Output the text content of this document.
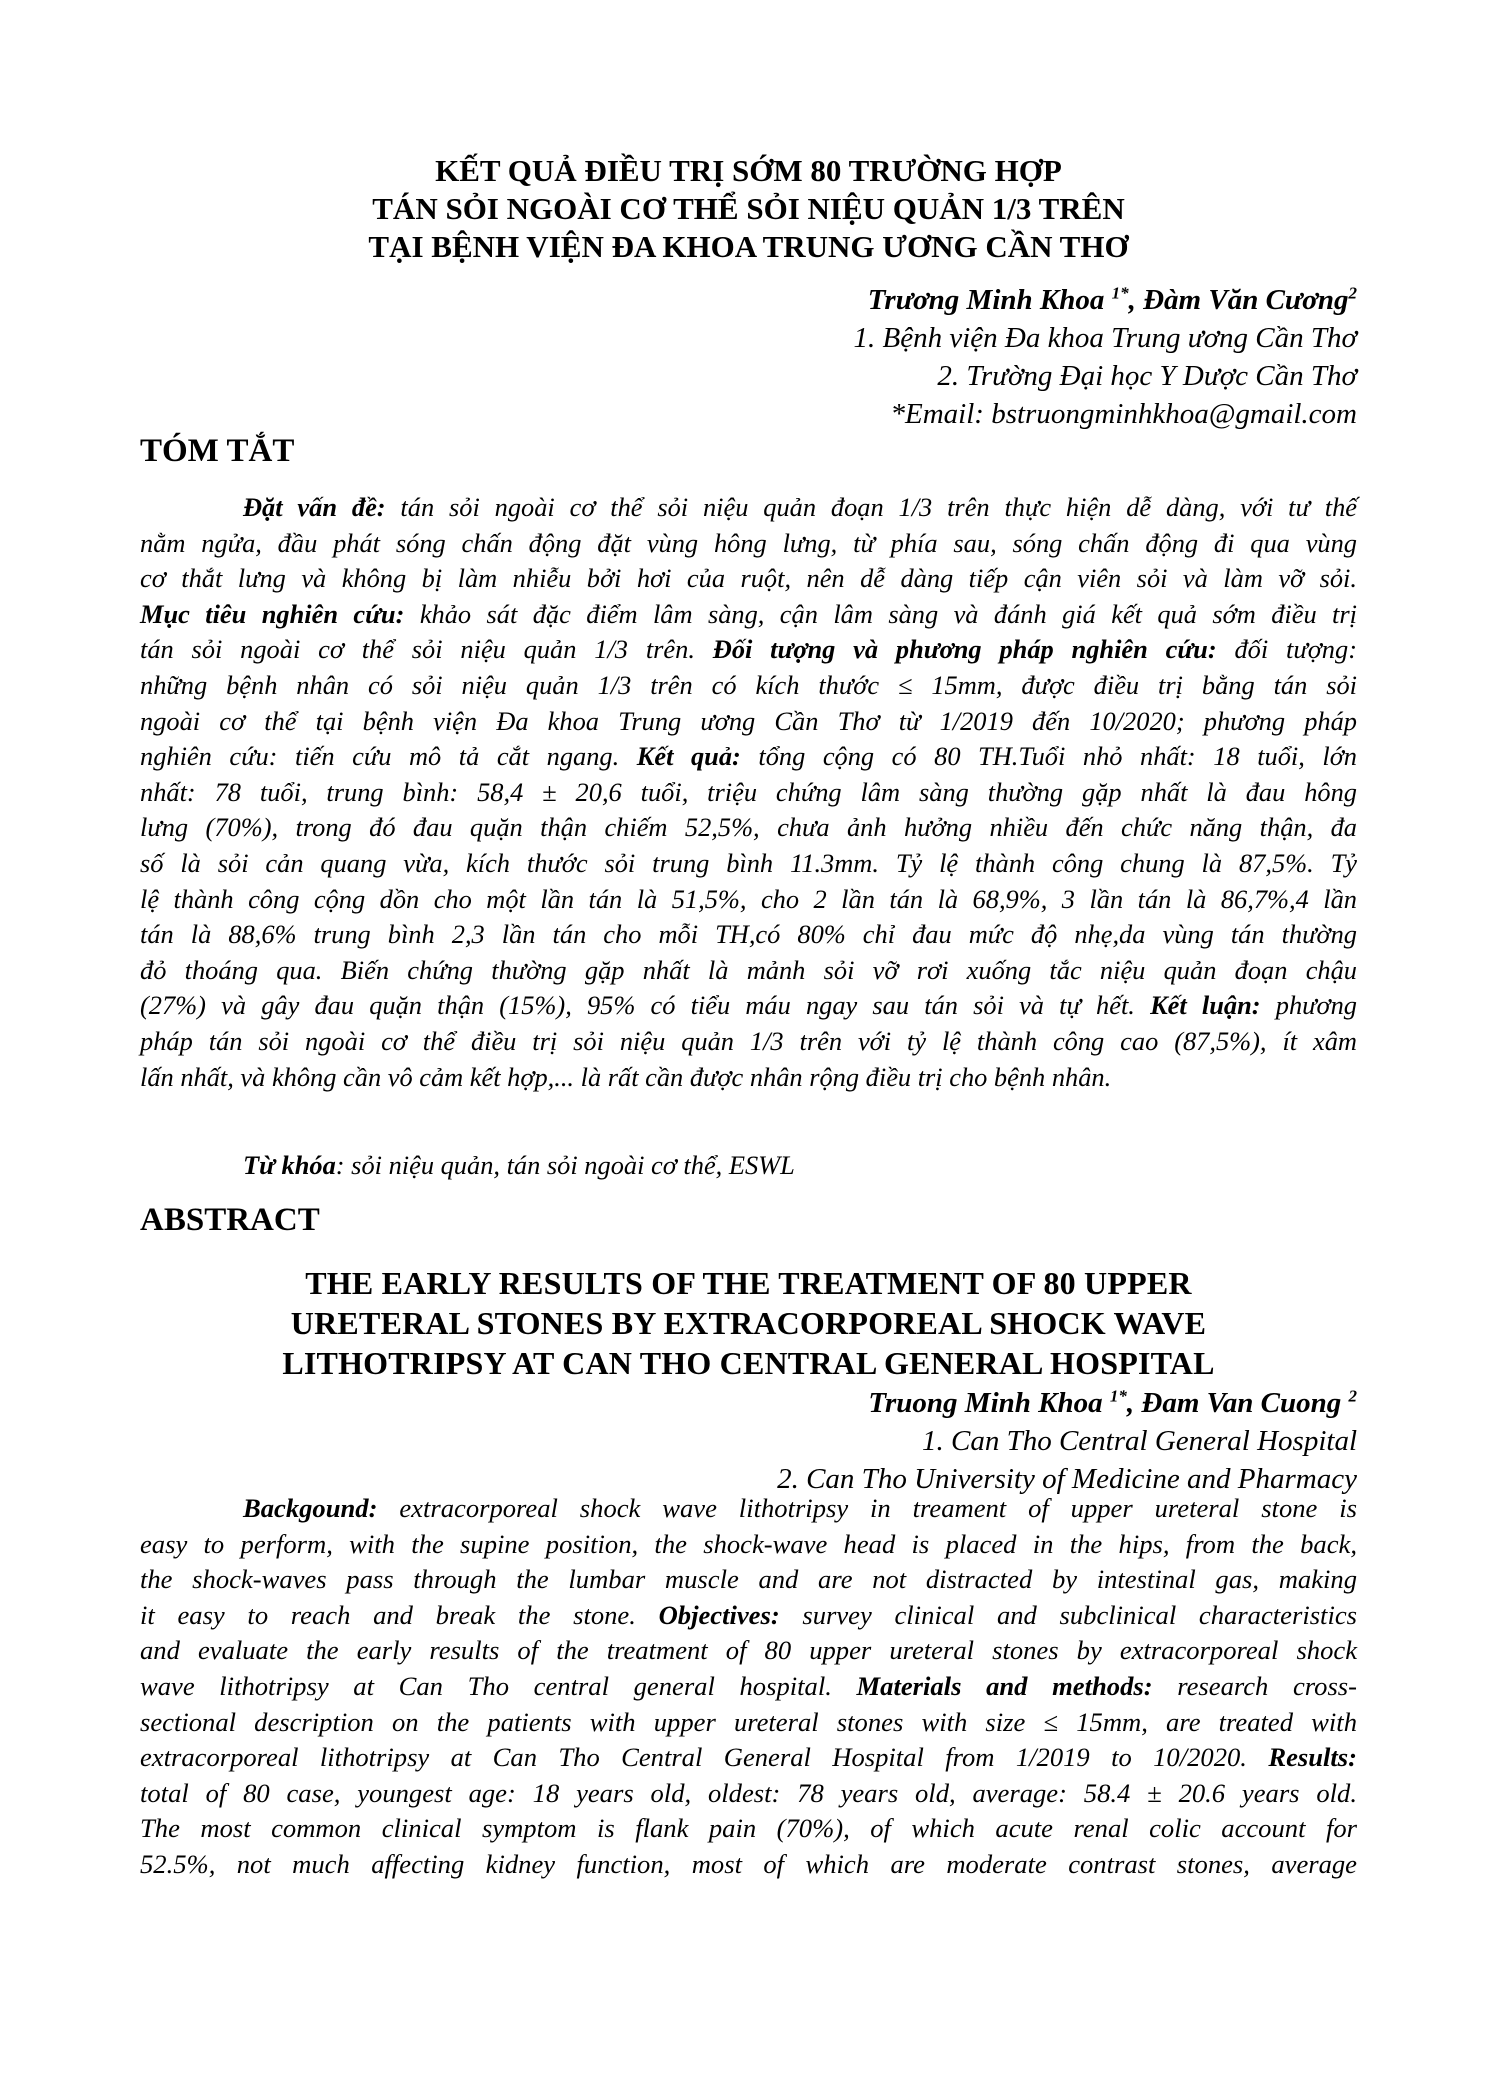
KẾT QUẢ ĐIỀU TRỊ SỚM 80 TRƯỜNG HỢP
TÁN SỎI NGOÀI CƠ THỂ SỎI NIỆU QUẢN 1/3 TRÊN
TẠI BỆNH VIỆN ĐA KHOA TRUNG ƯƠNG CẦN THƠ
Trương Minh Khoa $^{1*}$, Đàm Văn Cương$^2$
1. Bệnh viện Đa khoa Trung ương Cần Thơ
2. Trường Đại học Y Dược Cần Thơ
*Email: bstruongminhkhoa@gmail.com
TÓM TẮT
Đặt vấn đề: tán sỏi ngoài cơ thể sỏi niệu quản đoạn 1/3 trên thực hiện dễ dàng, với tư thế
nằm ngửa, đầu phát sóng chấn động đặt vùng hông lưng, từ phía sau, sóng chấn động đi qua vùng
cơ thắt lưng và không bị làm nhiễu bởi hơi của ruột, nên dễ dàng tiếp cận viên sỏi và làm vỡ sỏi.
Mục tiêu nghiên cứu: khảo sát đặc điểm lâm sàng, cận lâm sàng và đánh giá kết quả sớm điều trị
tán sỏi ngoài cơ thể sỏi niệu quản 1/3 trên. Đối tượng và phương pháp nghiên cứu: đối tượng:
những bệnh nhân có sỏi niệu quản 1/3 trên có kích thước ≤ 15mm, được điều trị bằng tán sỏi
ngoài cơ thể tại bệnh viện Đa khoa Trung ương Cần Thơ từ 1/2019 đến 10/2020; phương pháp
nghiên cứu: tiến cứu mô tả cắt ngang. Kết quả: tổng cộng có 80 TH.Tuổi nhỏ nhất: 18 tuổi, lớn
nhất: 78 tuổi, trung bình: 58,4 ± 20,6 tuổi, triệu chứng lâm sàng thường gặp nhất là đau hông
lưng (70%), trong đó đau quặn thận chiếm 52,5%, chưa ảnh hưởng nhiều đến chức năng thận, đa
số là sỏi cản quang vừa, kích thước sỏi trung bình 11.3mm. Tỷ lệ thành công chung là 87,5%. Tỷ
lệ thành công cộng dồn cho một lần tán là 51,5%, cho 2 lần tán là 68,9%, 3 lần tán là 86,7%,4 lần
tán là 88,6% trung bình 2,3 lần tán cho mỗi TH,có 80% chỉ đau mức độ nhẹ,da vùng tán thường
đỏ thoáng qua. Biến chứng thường gặp nhất là mảnh sỏi vỡ rơi xuống tắc niệu quản đoạn chậu
(27%) và gây đau quặn thận (15%), 95% có tiểu máu ngay sau tán sỏi và tự hết. Kết luận: phương
pháp tán sỏi ngoài cơ thể điều trị sỏi niệu quản 1/3 trên với tỷ lệ thành công cao (87,5%), ít xâm
lấn nhất, và không cần vô cảm kết hợp,... là rất cần được nhân rộng điều trị cho bệnh nhân.
Từ khóa: sỏi niệu quản, tán sỏi ngoài cơ thể, ESWL
ABSTRACT
THE EARLY RESULTS OF THE TREATMENT OF 80 UPPER
URETERAL STONES BY EXTRACORPOREAL SHOCK WAVE
LITHOTRIPSY AT CAN THO CENTRAL GENERAL HOSPITAL
Truong Minh Khoa $^{1*}$, Đam Van Cuong $^2$
1. Can Tho Central General Hospital
2. Can Tho University of Medicine and Pharmacy
Backgound: extracorporeal shock wave lithotripsy in treament of upper ureteral stone is
easy to perform, with the supine position, the shock-wave head is placed in the hips, from the back,
the shock-waves pass through the lumbar muscle and are not distracted by intestinal gas, making
it easy to reach and break the stone. Objectives: survey clinical and subclinical characteristics
and evaluate the early results of the treatment of 80 upper ureteral stones by extracorporeal shock
wave lithotripsy at Can Tho central general hospital. Materials and methods: research cross-
sectional description on the patients with upper ureteral stones with size ≤ 15mm, are treated with
extracorporeal lithotripsy at Can Tho Central General Hospital from 1/2019 to 10/2020. Results:
total of 80 case, youngest age: 18 years old, oldest: 78 years old, average: 58.4 ± 20.6 years old.
The most common clinical symptom is flank pain (70%), of which acute renal colic account for
52.5%, not much affecting kidney function, most of which are moderate contrast stones, average
